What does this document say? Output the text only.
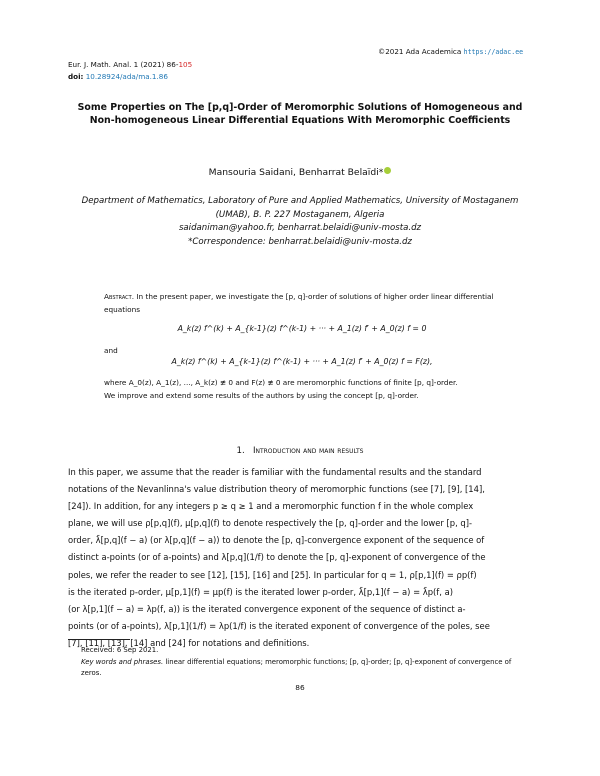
©2021 Ada Academica https://adac.ee
Eur. J. Math. Anal. 1 (2021) 86-105
doi: 10.28924/ada/ma.1.86
Some Properties on The [p,q]-Order of Meromorphic Solutions of Homogeneous and
Non-homogeneous Linear Differential Equations With Meromorphic Coefficients
Mansouria Saidani, Benharrat Belaïdi*
Department of Mathematics, Laboratory of Pure and Applied Mathematics, University of Mostaganem
(UMAB), B. P. 227 Mostaganem, Algeria
saidaniman@yahoo.fr, benharrat.belaidi@univ-mosta.dz
*Correspondence: benharrat.belaidi@univ-mosta.dz
Abstract. In the present paper, we investigate the [p, q]-order of solutions of higher order linear differential equations
A_k(z) f^(k) + A_{k-1}(z) f^(k-1) + ··· + A_1(z) f′ + A_0(z) f = 0
and
A_k(z) f^(k) + A_{k-1}(z) f^(k-1) + ··· + A_1(z) f′ + A_0(z) f = F(z),
where A_0(z), A_1(z), ..., A_k(z) ≢ 0 and F(z) ≢ 0 are meromorphic functions of finite [p, q]-order.
We improve and extend some results of the authors by using the concept [p, q]-order.
1. Introduction and main results
In this paper, we assume that the reader is familiar with the fundamental results and the standard
notations of the Nevanlinna's value distribution theory of meromorphic functions (see [7], [9], [14],
[24]). In addition, for any integers p ≥ q ≥ 1 and a meromorphic function f in the whole complex
plane, we will use ρ[p,q](f), μ[p,q](f) to denote respectively the [p, q]-order and the lower [p, q]-
order, λ̄[p,q](f − a) (or λ[p,q](f − a)) to denote the [p, q]-convergence exponent of the sequence of
distinct a-points (or of a-points) and λ[p,q](1/f) to denote the [p, q]-exponent of convergence of the
poles, we refer the reader to see [12], [15], [16] and [25]. In particular for q = 1, ρ[p,1](f) = ρp(f)
is the iterated p-order, μ[p,1](f) = μp(f) is the iterated lower p-order, λ̄[p,1](f − a) = λ̄p(f, a)
(or λ[p,1](f − a) = λp(f, a)) is the iterated convergence exponent of the sequence of distinct a-
points (or of a-points), λ[p,1](1/f) = λp(1/f) is the iterated exponent of convergence of the poles, see
[7], [11], [13], [14] and [24] for notations and definitions.
Received: 6 Sep 2021.
Key words and phrases. linear differential equations; meromorphic functions; [p, q]-order; [p, q]-exponent of convergence of zeros.
86
